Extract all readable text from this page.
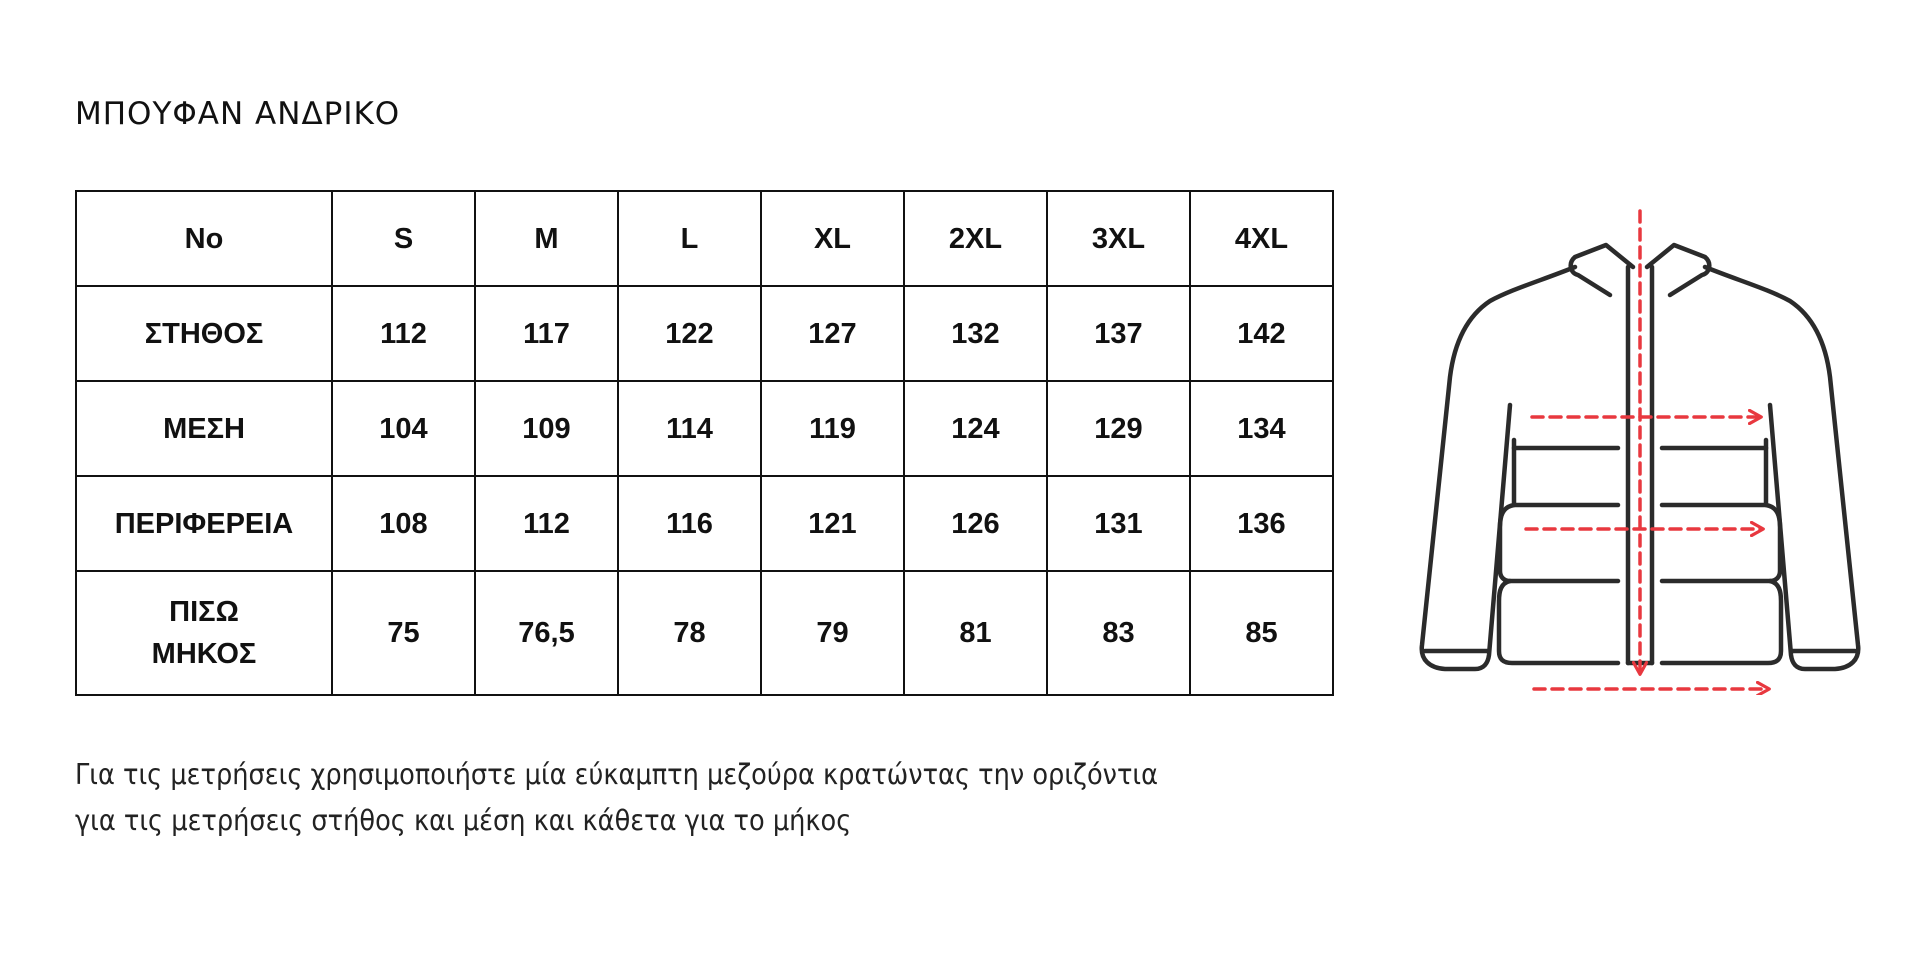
ΜΠΟΥΦΑΝ ΑΝΔΡΙΚΟ
No	S	M	L	XL	2XL	3XL	4XL
ΣΤΗΘΟΣ	112	117	122	127	132	137	142
ΜΕΣΗ	104	109	114	119	124	129	134
ΠΕΡΙΦΕΡΕΙΑ	108	112	116	121	126	131	136

ΠΙΣΩ
ΜΗΚΟΣ	75	76,5	78	79	81	83	85
Για τις μετρήσεις χρησιμοποιήστε μία εύκαμπτη μεζούρα κρατώντας την οριζόντια
για τις μετρήσεις στήθος και μέση και κάθετα για το μήκος
